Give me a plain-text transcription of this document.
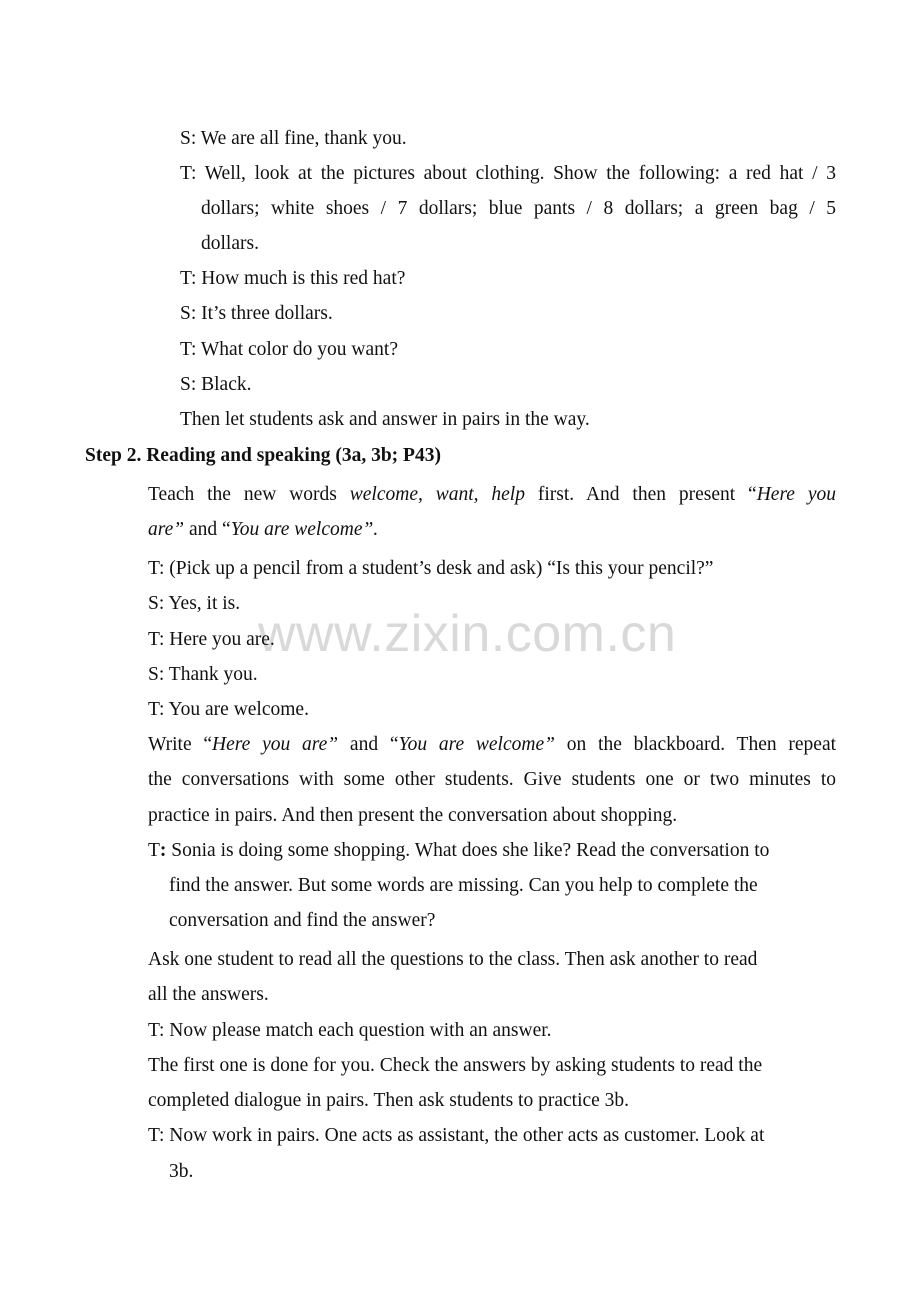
www.zixin.com.cn
S: We are all fine, thank you.
T: Well, look at the pictures about clothing. Show the following: a red hat / 3
dollars; white shoes / 7 dollars; blue pants / 8 dollars; a green bag / 5
dollars.
T: How much is this red hat?
S: It’s three dollars.
T: What color do you want?
S: Black.
Then let students ask and answer in pairs in the way.
Step 2. Reading and speaking (3a, 3b; P43)
Teach the new words welcome, want, help first. And then present “Here you
are” and “You are welcome”.
T: (Pick up a pencil from a student’s desk and ask) “Is this your pencil?”
S: Yes, it is.
T: Here you are.
S: Thank you.
T: You are welcome.
Write “Here you are” and “You are welcome” on the blackboard. Then repeat
the conversations with some other students. Give students one or two minutes to
practice in pairs. And then present the conversation about shopping.
T: Sonia is doing some shopping. What does she like? Read the conversation to
find the answer. But some words are missing. Can you help to complete the
conversation and find the answer?
Ask one student to read all the questions to the class. Then ask another to read
all the answers.
T: Now please match each question with an answer.
The first one is done for you. Check the answers by asking students to read the
completed dialogue in pairs. Then ask students to practice 3b.
T: Now work in pairs. One acts as assistant, the other acts as customer. Look at
3b.
